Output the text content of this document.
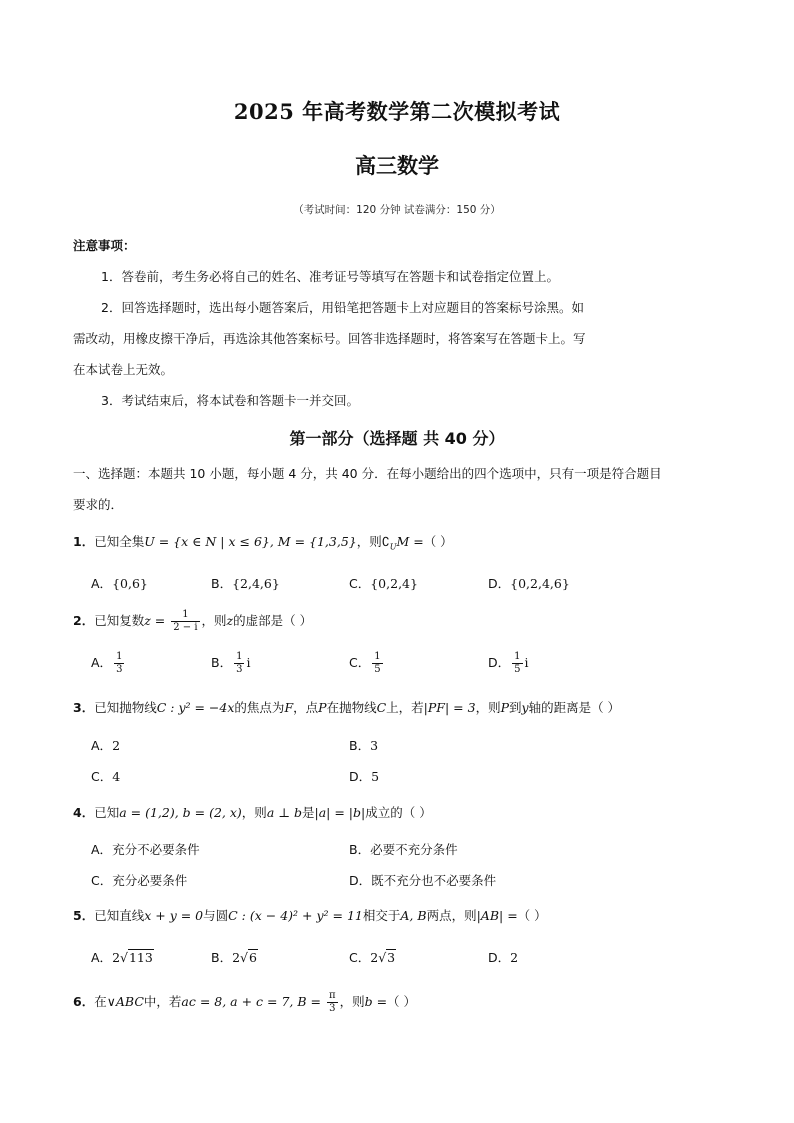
2025 年高考数学第二次模拟考试
高三数学
（考试时间：120 分钟 试卷满分：150 分）
注意事项：
1．答卷前，考生务必将自己的姓名、准考证号等填写在答题卡和试卷指定位置上。
2．回答选择题时，选出每小题答案后，用铅笔把答题卡上对应题目的答案标号涂黑。如
需改动，用橡皮擦干净后，再选涂其他答案标号。回答非选择题时，将答案写在答题卡上。写
在本试卷上无效。
3．考试结束后，将本试卷和答题卡一并交回。
第一部分（选择题 共 40 分）
一、选择题：本题共 10 小题，每小题 4 分，共 40 分．在每小题给出的四个选项中，只有一项是符合题目
要求的．
1．已知全集U = {x ∈ N | x ≤ 6}, M = {1,3,5}，则$∁_UM$ =（ ）
A．{0,6}	B．{2,4,6}	C．{0,2,4}	D．{0,2,4,6}
2．已知复数$z = \frac{1}{2 - i}$ ，则z的虚部是（ ）
A． $\frac{1}{3}$	B． $\frac{1}{3}$ i	C． $\frac{1}{5}$	D． $\frac{1}{5}$ i
3．已知抛物线C : y² = −4x的焦点为F，点P在抛物线C上，若|PF| = 3，则P到y轴的距离是（ ）
A．2	B．3
C．4	D．5
4．已知a = (1,2), b = (2, x)，则a ⊥ b是|a| = |b|成立的（ ）
A．充分不必要条件	B．必要不充分条件
C．充分必要条件	D．既不充分也不必要条件
5．已知直线x + y = 0与圆C : (x − 4)² + y² = 11相交于A, B两点，则|AB| =（ ）
A．2√113	B．2√6	C．2√3	D．2
6．在∨ABC中，若ac = 8, a + c = 7, $B = \frac{\pi}{3}$ ，则b =（ ）
